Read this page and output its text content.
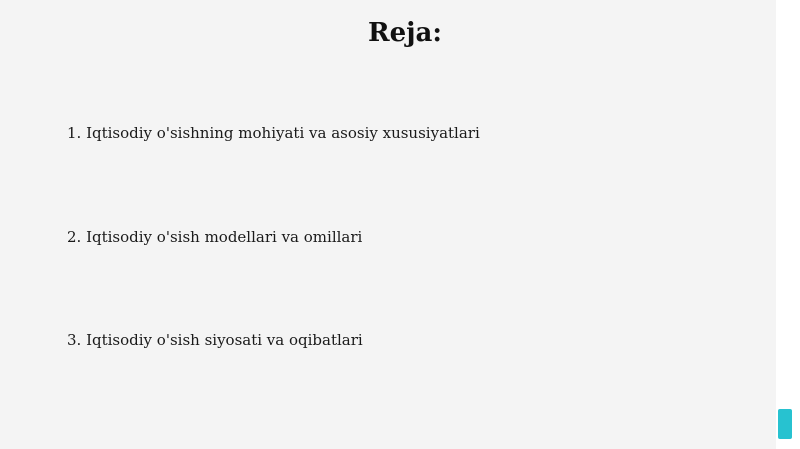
Reja:
1. Iqtisodiy o'sishning mohiyati va asosiy xususiyatlari
2. Iqtisodiy o'sish modellari va omillari
3. Iqtisodiy o'sish siyosati va oqibatlari
